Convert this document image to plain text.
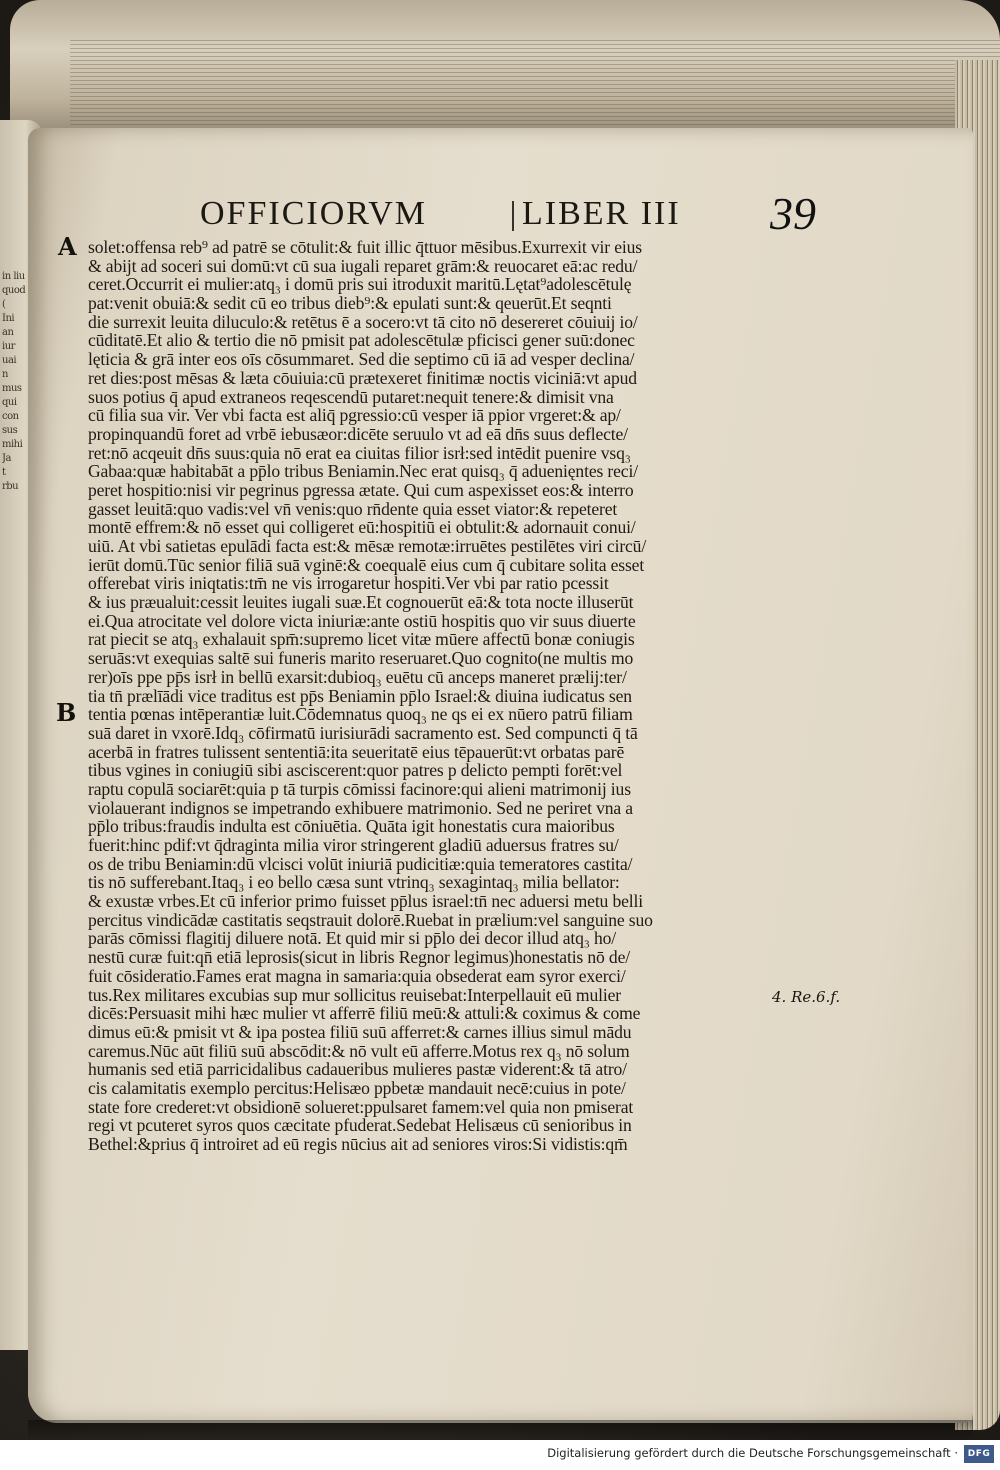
in liu
quod
(
Ini
an
iur
uai
n
mus
qui
con
sus
mihi
Ja
t
rbu
OFFICIORVM	LIBER III 39
A
B
solet:offensa reb⁹ ad patrē se cōtulit:& fuit illic q̄ttuor mēsibus.Exurrexit vir eius
& abijt ad soceri sui domū:vt cū sua iugali reparet grām:& reuocaret eā:ac redu/
ceret.Occurrit ei mulier:atq₃ i domū pris sui itroduxit maritū.Lętat⁹adolescētulę
pat:venit obuiā:& sedit cū eo tribus dieb⁹:& epulati sunt:& qeuerūt.Et seqnti
die surrexit leuita diluculo:& retētus ē a socero:vt tā cito nō desereret cōuiuij io/
cūditatē.Et alio & tertio die nō pmisit pat adolescētulæ pficisci gener suū:donec
lęticia & grā inter eos oīs cōsummaret. Sed die septimo cū iā ad vesper declina/
ret dies:post mēsas & læta cōuiuia:cū prætexeret finitimæ noctis viciniā:vt apud
suos potius q̄ apud extraneos reqescendū putaret:nequit tenere:& dimisit vna
cū filia sua vir. Ver vbi facta est aliq̄ pgressio:cū vesper iā ppior vrgeret:& ap/
propinquandū foret ad vrbē iebusæor:dicēte seruulo vt ad eā dn̄s suus deflecte/
ret:nō acqeuit dn̄s suus:quia nō erat ea ciuitas filior isrł:sed intēdit puenire vsq₃
Gabaa:quæ habitabāt a pp̄lo tribus Beniamin.Nec erat quisq₃ q̄ aduenięntes reci/
peret hospitio:nisi vir pegrinus pgressa ætate. Qui cum aspexisset eos:& interro
gasset leuitā:quo vadis:vel vn̄ venis:quo rn̄dente quia esset viator:& repeteret
montē effrem:& nō esset qui colligeret eū:hospitiū ei obtulit:& adornauit conui/
uiū. At vbi satietas epulādi facta est:& mēsæ remotæ:irruētes pestilētes viri circū/
ierūt domū.Tūc senior filiā suā vginē:& coequalē eius cum q̄ cubitare solita esset
offerebat viris iniqtatis:tm̄ ne vis irrogaretur hospiti.Ver vbi par ratio pcessit
& ius præualuit:cessit leuites iugali suæ.Et cognouerūt eā:& tota nocte illuserūt
ei.Qua atrocitate vel dolore victa iniuriæ:ante ostiū hospitis quo vir suus diuerte
rat piecit se atq₃ exhalauit spm̄:supremo licet vitæ mūere affectū bonæ coniugis
seruās:vt exequias saltē sui funeris marito reseruaret.Quo cognito(ne multis mo
rer)oīs ppe pp̄s isrł in bellū exarsit:dubioq₃ euētu cū anceps maneret prælij:ter/
tia tn̄ prælīādi vice traditus est pp̄s Beniamin pp̄lo Israel:& diuina iudicatus sen
tentia pœnas intēperantiæ luit.Cōdemnatus quoq₃ ne qs ei ex nūero patrū filiam
suā daret in vxorē.Idq₃ cōfirmatū iurisiurādi sacramento est. Sed compuncti q̄ tā
acerbā in fratres tulissent sententiā:ita seueritatē eius tēpauerūt:vt orbatas parē
tibus vgines in coniugiū sibi asciscerent:quor patres p delicto pempti forēt:vel
raptu copulā sociarēt:quia p tā turpis cōmissi facinore:qui alieni matrimonij ius
violauerant indignos se impetrando exhibuere matrimonio. Sed ne periret vna a
pp̄lo tribus:fraudis indulta est cōniuētia. Quāta igit honestatis cura maioribus
fuerit:hinc pdif:vt q̄draginta milia viror stringerent gladiū aduersus fratres su/
os de tribu Beniamin:dū vlcisci volūt iniuriā pudicitiæ:quia temeratores castita/
tis nō sufferebant.Itaq₃ i eo bello cæsa sunt vtrinq₃ sexagintaq₃ milia bellator:
& exustæ vrbes.Et cū inferior primo fuisset pp̄lus israel:tn̄ nec aduersi metu belli
percitus vindicādæ castitatis seqstrauit dolorē.Ruebat in prælium:vel sanguine suo
parās cōmissi flagitij diluere notā. Et quid mir si pp̄lo dei decor illud atq₃ ho/
nestū curæ fuit:qn̄ etiā leprosis(sicut in libris Regnor legimus)honestatis nō de/
fuit cōsideratio.Fames erat magna in samaria:quia obsederat eam syror exerci/
tus.Rex militares excubias sup mur sollicitus reuisebat:Interpellauit eū mulier
dicēs:Persuasit mihi hæc mulier vt afferrē filiū meū:& attuli:& coximus & come
dimus eū:& pmisit vt & ipa postea filiū suū afferret:& carnes illius simul mādu
caremus.Nūc aūt filiū suū abscōdit:& nō vult eū afferre.Motus rex q₃ nō solum
humanis sed etiā parricidalibus cadaueribus mulieres pastæ viderent:& tā atro/
cis calamitatis exemplo percitus:Helisæo ppbetæ mandauit necē:cuius in pote/
state fore crederet:vt obsidionē solueret:ppulsaret famem:vel quia non pmiserat
regi vt pcuteret syros quos cæcitate pfuderat.Sedebat Helisæus cū senioribus in
Bethel:&prius q̄ introiret ad eū regis nūcius ait ad seniores viros:Si vidistis:qm̄
4. Re.6.f.
Digitalisierung gefördert durch die Deutsche Forschungsgemeinschaft ·	DFG
